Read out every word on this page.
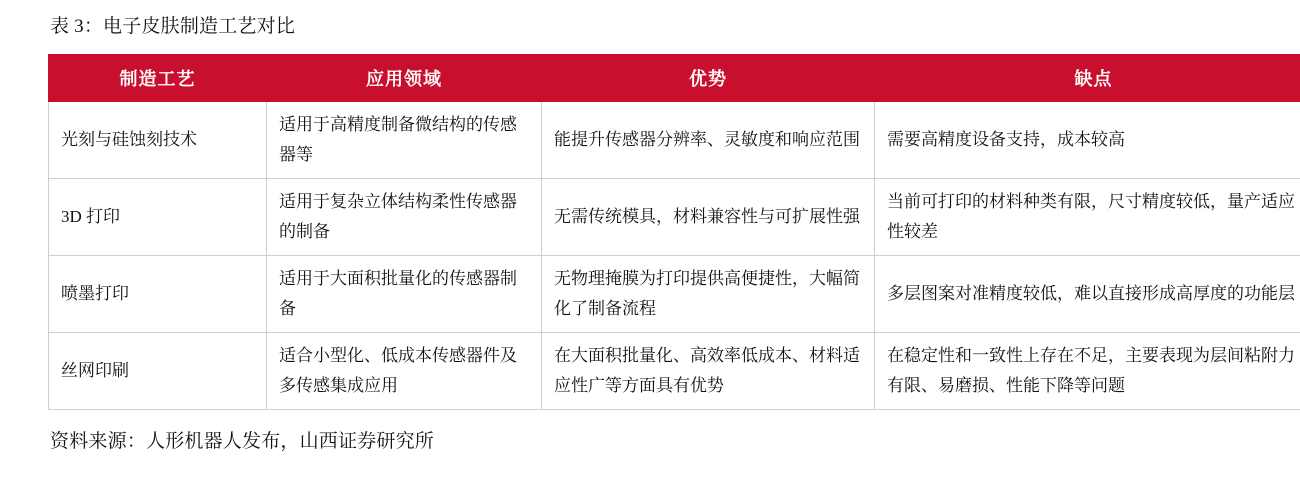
表 3：电子皮肤制造工艺对比
制造工艺	应用领域	优势	缺点
光刻与硅蚀刻技术	适用于高精度制备微结构的传感器等	能提升传感器分辨率、灵敏度和响应范围	需要高精度设备支持，成本较高
3D 打印	适用于复杂立体结构柔性传感器的制备	无需传统模具，材料兼容性与可扩展性强	当前可打印的材料种类有限，尺寸精度较低，量产适应性较差
喷墨打印	适用于大面积批量化的传感器制备	无物理掩膜为打印提供高便捷性，大幅简化了制备流程	多层图案对准精度较低，难以直接形成高厚度的功能层
丝网印刷	适合小型化、低成本传感器件及多传感集成应用	在大面积批量化、高效率低成本、材料适应性广等方面具有优势	在稳定性和一致性上存在不足，主要表现为层间粘附力有限、易磨损、性能下降等问题
资料来源：人形机器人发布，山西证券研究所
